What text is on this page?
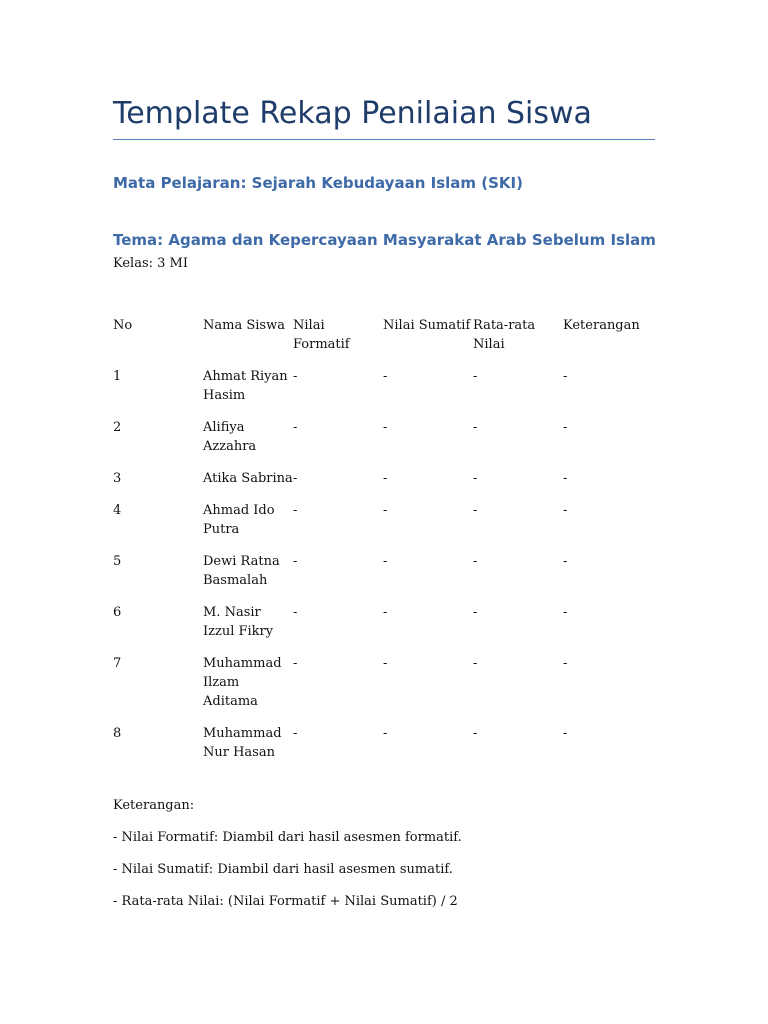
Template Rekap Penilaian Siswa
Mata Pelajaran: Sejarah Kebudayaan Islam (SKI)
Tema: Agama dan Kepercayaan Masyarakat Arab Sebelum Islam

Kelas: 3 MI

No	Nama Siswa	Nilai Formatif	Nilai Sumatif	Rata-rata Nilai	Keterangan
1	Ahmat Riyan Hasim	-	-	-	-
2	Alifiya Azzahra	-	-	-	-
3	Atika Sabrina	-	-	-	-
4	Ahmad Ido Putra	-	-	-	-
5	Dewi Ratna Basmalah	-	-	-	-
6	M. Nasir Izzul Fikry	-	-	-	-
7	Muhammad Ilzam Aditama	-	-	-	-
8	Muhammad Nur Hasan	-	-	-	-

Keterangan:

- Nilai Formatif: Diambil dari hasil asesmen formatif.

- Nilai Sumatif: Diambil dari hasil asesmen sumatif.

- Rata-rata Nilai: (Nilai Formatif + Nilai Sumatif) / 2
